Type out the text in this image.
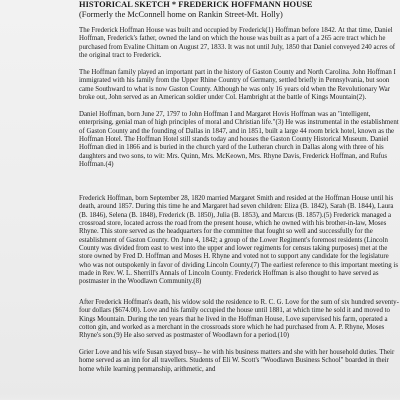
HISTORICAL SKETCH * FREDERICK HOFFMANN HOUSE
(Formerly the McConnell home on Rankin Street-Mt. Holly)

The Frederick Hoffman House was built and occupied by Frederick(1) Hoffman before 1842. At that time, Daniel Hoffman, Frederick's father, owned the land on which the house was built as a part of a 265 acre tract which he purchased from Evaline Chittam on August 27, 1833. It was not until July, 1850 that Daniel conveyed 240 acres of the original tract to Frederick.

The Hoffman family played an important part in the history of Gaston County and North Carolina. John Hoffman I immigrated with his family from the Upper Rhine Country of Germany, settled briefly in Pennsylvania, but soon came Southward to what is now Gaston County. Although he was only 16 years old when the Revolutionary War broke out, John served as an American soldier under Col. Hambright at the battle of Kings Mountain(2).

Daniel Hoffman, born June 27, 1797 to John Hoffman I and Margaret Hovis Hoffman was an "intelligent, enterprising, genial man of high principles of moral and Christian life."(3) He was instrumental in the establishment of Gaston County and the founding of Dallas in 1847, and in 1851, built a large 44 room brick hotel, known as the Hoffman Hotel. The Hoffman Hotel still stands today and houses the Gaston County Historical Museum. Daniel Hoffman died in 1866 and is buried in the church yard of the Lutheran church in Dallas along with three of his daughters and two sons, to wit: Mrs. Quinn, Mrs. McKeown, Mrs. Rhyne Davis, Frederick Hoffman, and Rufus Hoffman.(4)

Frederick Hoffman, born September 28, 1820 married Margaret Smith and resided at the Hoffman House until his death, around 1857. During this time he and Margaret had seven children: Eliza (B. 1842), Sarah (B. 1844), Laura (B. 1846), Selena (B. 1848), Frederick (B. 1850), Julia (B. 1853), and Marcus (B. 1857).(5) Frederick managed a crossroad store, located across the road from the present house, which he owned with his brother-in-law, Moses Rhyne. This store served as the headquarters for the committee that fought so well and successfully for the establishment of Gaston County. On June 4, 1842; a group of the Lower Regiment's foremost residents (Lincoln County was divided from east to west into the upper and lower regiments for census taking purposes) met at the store owned by Fred D. Hoffman and Moses H. Rhyne and voted not to support any candidate for the legislature who was not outspokenly in favor of dividing Lincoln County.(7) The earliest reference to this important meeting is made in Rev. W. L. Sherrill's Annals of Lincoln County. Frederick Hoffman is also thought to have served as postmaster in the Woodlawn Community.(8)

After Frederick Hoffman's death, his widow sold the residence to R. C. G. Love for the sum of six hundred seventy-four dollars ($674.00). Love and his family occupied the house until 1881, at which time he sold it and moved to Kings Mountain. During the ten years that he lived in the Hoffman House, Love supervised his farm, operated a cotton gin, and worked as a merchant in the crossroads store which he had purchased from A. P. Rhyne, Moses Rhyne's son.(9) He also served as postmaster of Woodlawn for a period.(10)

Grier Love and his wife Susan stayed busy-- he with his business matters and she with her household duties. Their home served as an inn for all travellers. Students of Eli W. Scott's "Woodlawn Business School" boarded in their home while learning penmanship, arithmetic, and
